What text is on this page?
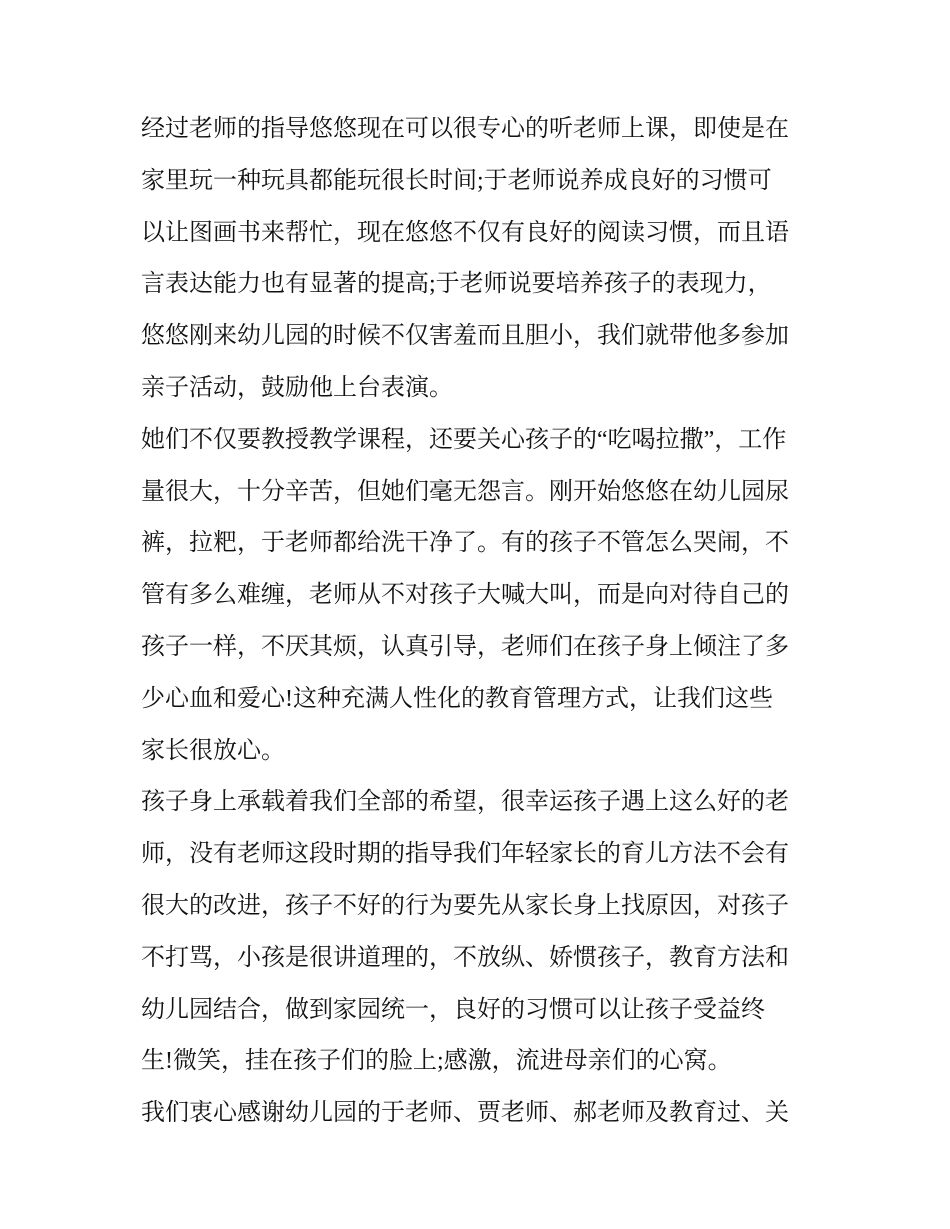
经过老师的指导悠悠现在可以很专心的听老师上课，即使是在
家里玩一种玩具都能玩很长时间;于老师说养成良好的习惯可
以让图画书来帮忙，现在悠悠不仅有良好的阅读习惯，而且语
言表达能力也有显著的提高;于老师说要培养孩子的表现力，
悠悠刚来幼儿园的时候不仅害羞而且胆小，我们就带他多参加
亲子活动，鼓励他上台表演。
她们不仅要教授教学课程，还要关心孩子的“吃喝拉撒”，工作
量很大，十分辛苦，但她们毫无怨言。刚开始悠悠在幼儿园尿
裤，拉粑，于老师都给洗干净了。有的孩子不管怎么哭闹，不
管有多么难缠，老师从不对孩子大喊大叫，而是向对待自己的
孩子一样，不厌其烦，认真引导，老师们在孩子身上倾注了多
少心血和爱心!这种充满人性化的教育管理方式，让我们这些
家长很放心。
孩子身上承载着我们全部的希望，很幸运孩子遇上这么好的老
师，没有老师这段时期的指导我们年轻家长的育儿方法不会有
很大的改进，孩子不好的行为要先从家长身上找原因，对孩子
不打骂，小孩是很讲道理的，不放纵、娇惯孩子，教育方法和
幼儿园结合，做到家园统一，良好的习惯可以让孩子受益终
生!微笑，挂在孩子们的脸上;感激，流进母亲们的心窝。
我们衷心感谢幼儿园的于老师、贾老师、郝老师及教育过、关
